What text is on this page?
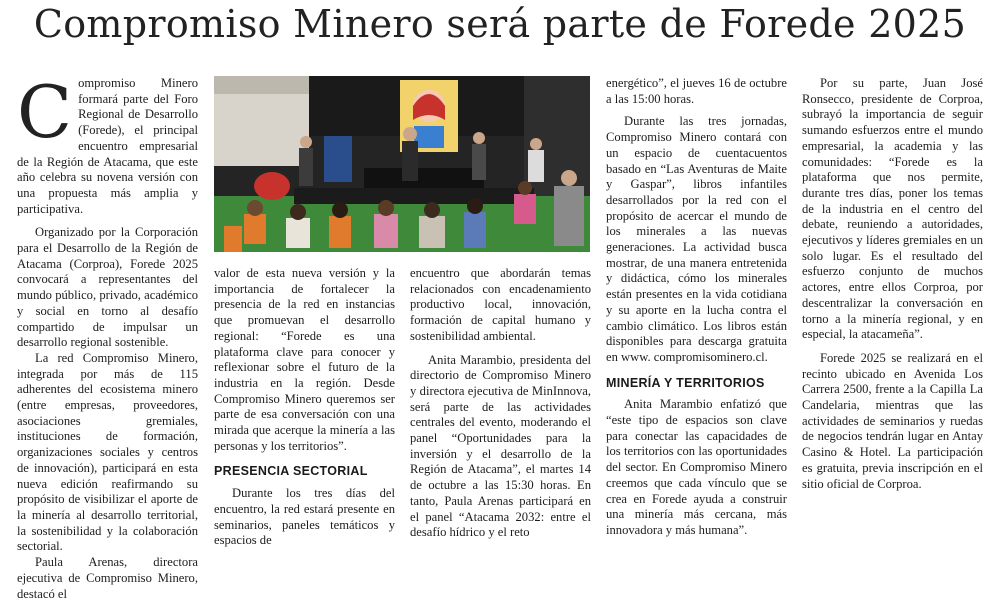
Compromiso Minero será parte de Forede 2025

Compromiso Minero formará parte del Foro Regional de Desarrollo (Forede), el principal encuentro empresarial de la Región de Atacama, que este año celebra su novena versión con una propuesta más amplia y participativa.

Organizado por la Corporación para el Desarrollo de la Región de Atacama (Corproa), Forede 2025 convocará a representantes del mundo público, privado, académico y social en torno al desafío compartido de impulsar un desarrollo regional sostenible.

La red Compromiso Minero, integrada por más de 115 adherentes del ecosistema minero (entre empresas, proveedores, asociaciones gremiales, instituciones de formación, organizaciones sociales y centros de innovación), participará en esta nueva edición reafirmando su propósito de visibilizar el aporte de la minería al desarrollo territorial, la sostenibilidad y la colaboración sectorial.

Paula Arenas, directora ejecutiva de Compromiso Minero, destacó el

valor de esta nueva versión y la importancia de fortalecer la presencia de la red en instancias que promuevan el desarrollo regional: “Forede es una plataforma clave para conocer y reflexionar sobre el futuro de la industria en la región. Desde Compromiso Minero queremos ser parte de esa conversación con una mirada que acerque la minería a las personas y los territorios”.

PRESENCIA SECTORIAL

Durante los tres días del encuentro, la red estará presente en seminarios, paneles temáticos y espacios de

encuentro que abordarán temas relacionados con encadenamiento productivo local, innovación, formación de capital humano y sostenibilidad ambiental.

Anita Marambio, presidenta del directorio de Compromiso Minero y directora ejecutiva de MinInnova, será parte de las actividades centrales del evento, moderando el panel “Oportunidades para la inversión y el desarrollo de la Región de Atacama”, el martes 14 de octubre a las 15:30 horas. En tanto, Paula Arenas participará en el panel “Atacama 2032: entre el desafío hídrico y el reto

energético”, el jueves 16 de octubre a las 15:00 horas.

Durante las tres jornadas, Compromiso Minero contará con un espacio de cuentacuentos basado en “Las Aventuras de Maite y Gaspar”, libros infantiles desarrollados por la red con el propósito de acercar el mundo de los minerales a las nuevas generaciones. La actividad busca mostrar, de una manera entretenida y didáctica, cómo los minerales están presentes en la vida cotidiana y su aporte en la lucha contra el cambio climático. Los libros están disponibles para descarga gratuita en www. compromisominero.cl.

MINERÍA Y TERRITORIOS

Anita Marambio enfatizó que “este tipo de espacios son clave para conectar las capacidades de los territorios con las oportunidades del sector. En Compromiso Minero creemos que cada vínculo que se crea en Forede ayuda a construir una minería más cercana, más innovadora y más humana”.

Por su parte, Juan José Ronsecco, presidente de Corproa, subrayó la importancia de seguir sumando esfuerzos entre el mundo empresarial, la academia y las comunidades: “Forede es la plataforma que nos permite, durante tres días, poner los temas de la industria en el centro del debate, reuniendo a autoridades, ejecutivos y líderes gremiales en un solo lugar. Es el resultado del esfuerzo conjunto de muchos actores, entre ellos Corproa, por descentralizar la conversación en torno a la minería regional, y en especial, la atacameña”.

Forede 2025 se realizará en el recinto ubicado en Avenida Los Carrera 2500, frente a la Capilla La Candelaria, mientras que las actividades de seminarios y ruedas de negocios tendrán lugar en Antay Casino & Hotel. La participación es gratuita, previa inscripción en el sitio oficial de Corproa.
